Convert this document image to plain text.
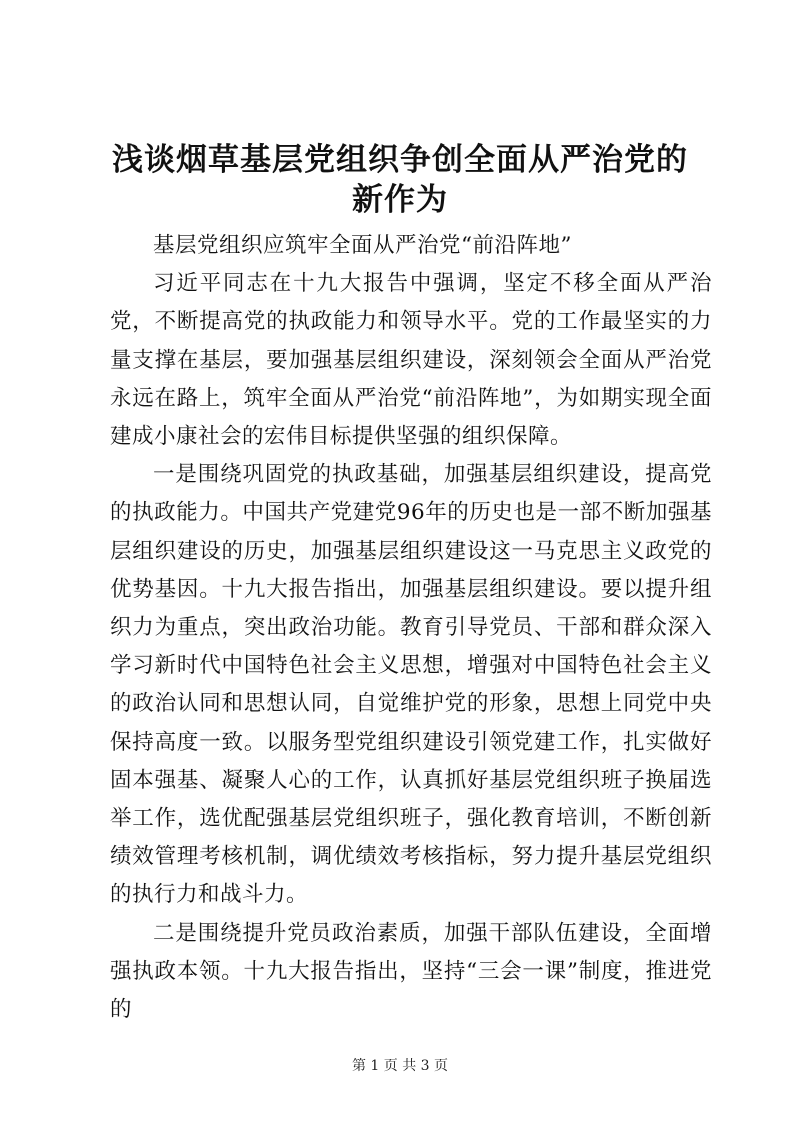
浅谈烟草基层党组织争创全面从严治党的新作为

基层党组织应筑牢全面从严治党“前沿阵地”

习近平同志在十九大报告中强调，坚定不移全面从严治党，不断提高党的执政能力和领导水平。党的工作最坚实的力量支撑在基层，要加强基层组织建设，深刻领会全面从严治党永远在路上，筑牢全面从严治党“前沿阵地”，为如期实现全面建成小康社会的宏伟目标提供坚强的组织保障。

一是围绕巩固党的执政基础，加强基层组织建设，提高党的执政能力。中国共产党建党96年的历史也是一部不断加强基层组织建设的历史，加强基层组织建设这一马克思主义政党的优势基因。十九大报告指出，加强基层组织建设。要以提升组织力为重点，突出政治功能。教育引导党员、干部和群众深入学习新时代中国特色社会主义思想，增强对中国特色社会主义的政治认同和思想认同，自觉维护党的形象，思想上同党中央保持高度一致。以服务型党组织建设引领党建工作，扎实做好固本强基、凝聚人心的工作，认真抓好基层党组织班子换届选举工作，选优配强基层党组织班子，强化教育培训，不断创新绩效管理考核机制，调优绩效考核指标，努力提升基层党组织的执行力和战斗力。

二是围绕提升党员政治素质，加强干部队伍建设，全面增强执政本领。十九大报告指出，坚持“三会一课”制度，推进党的

第 1 页 共 3 页
